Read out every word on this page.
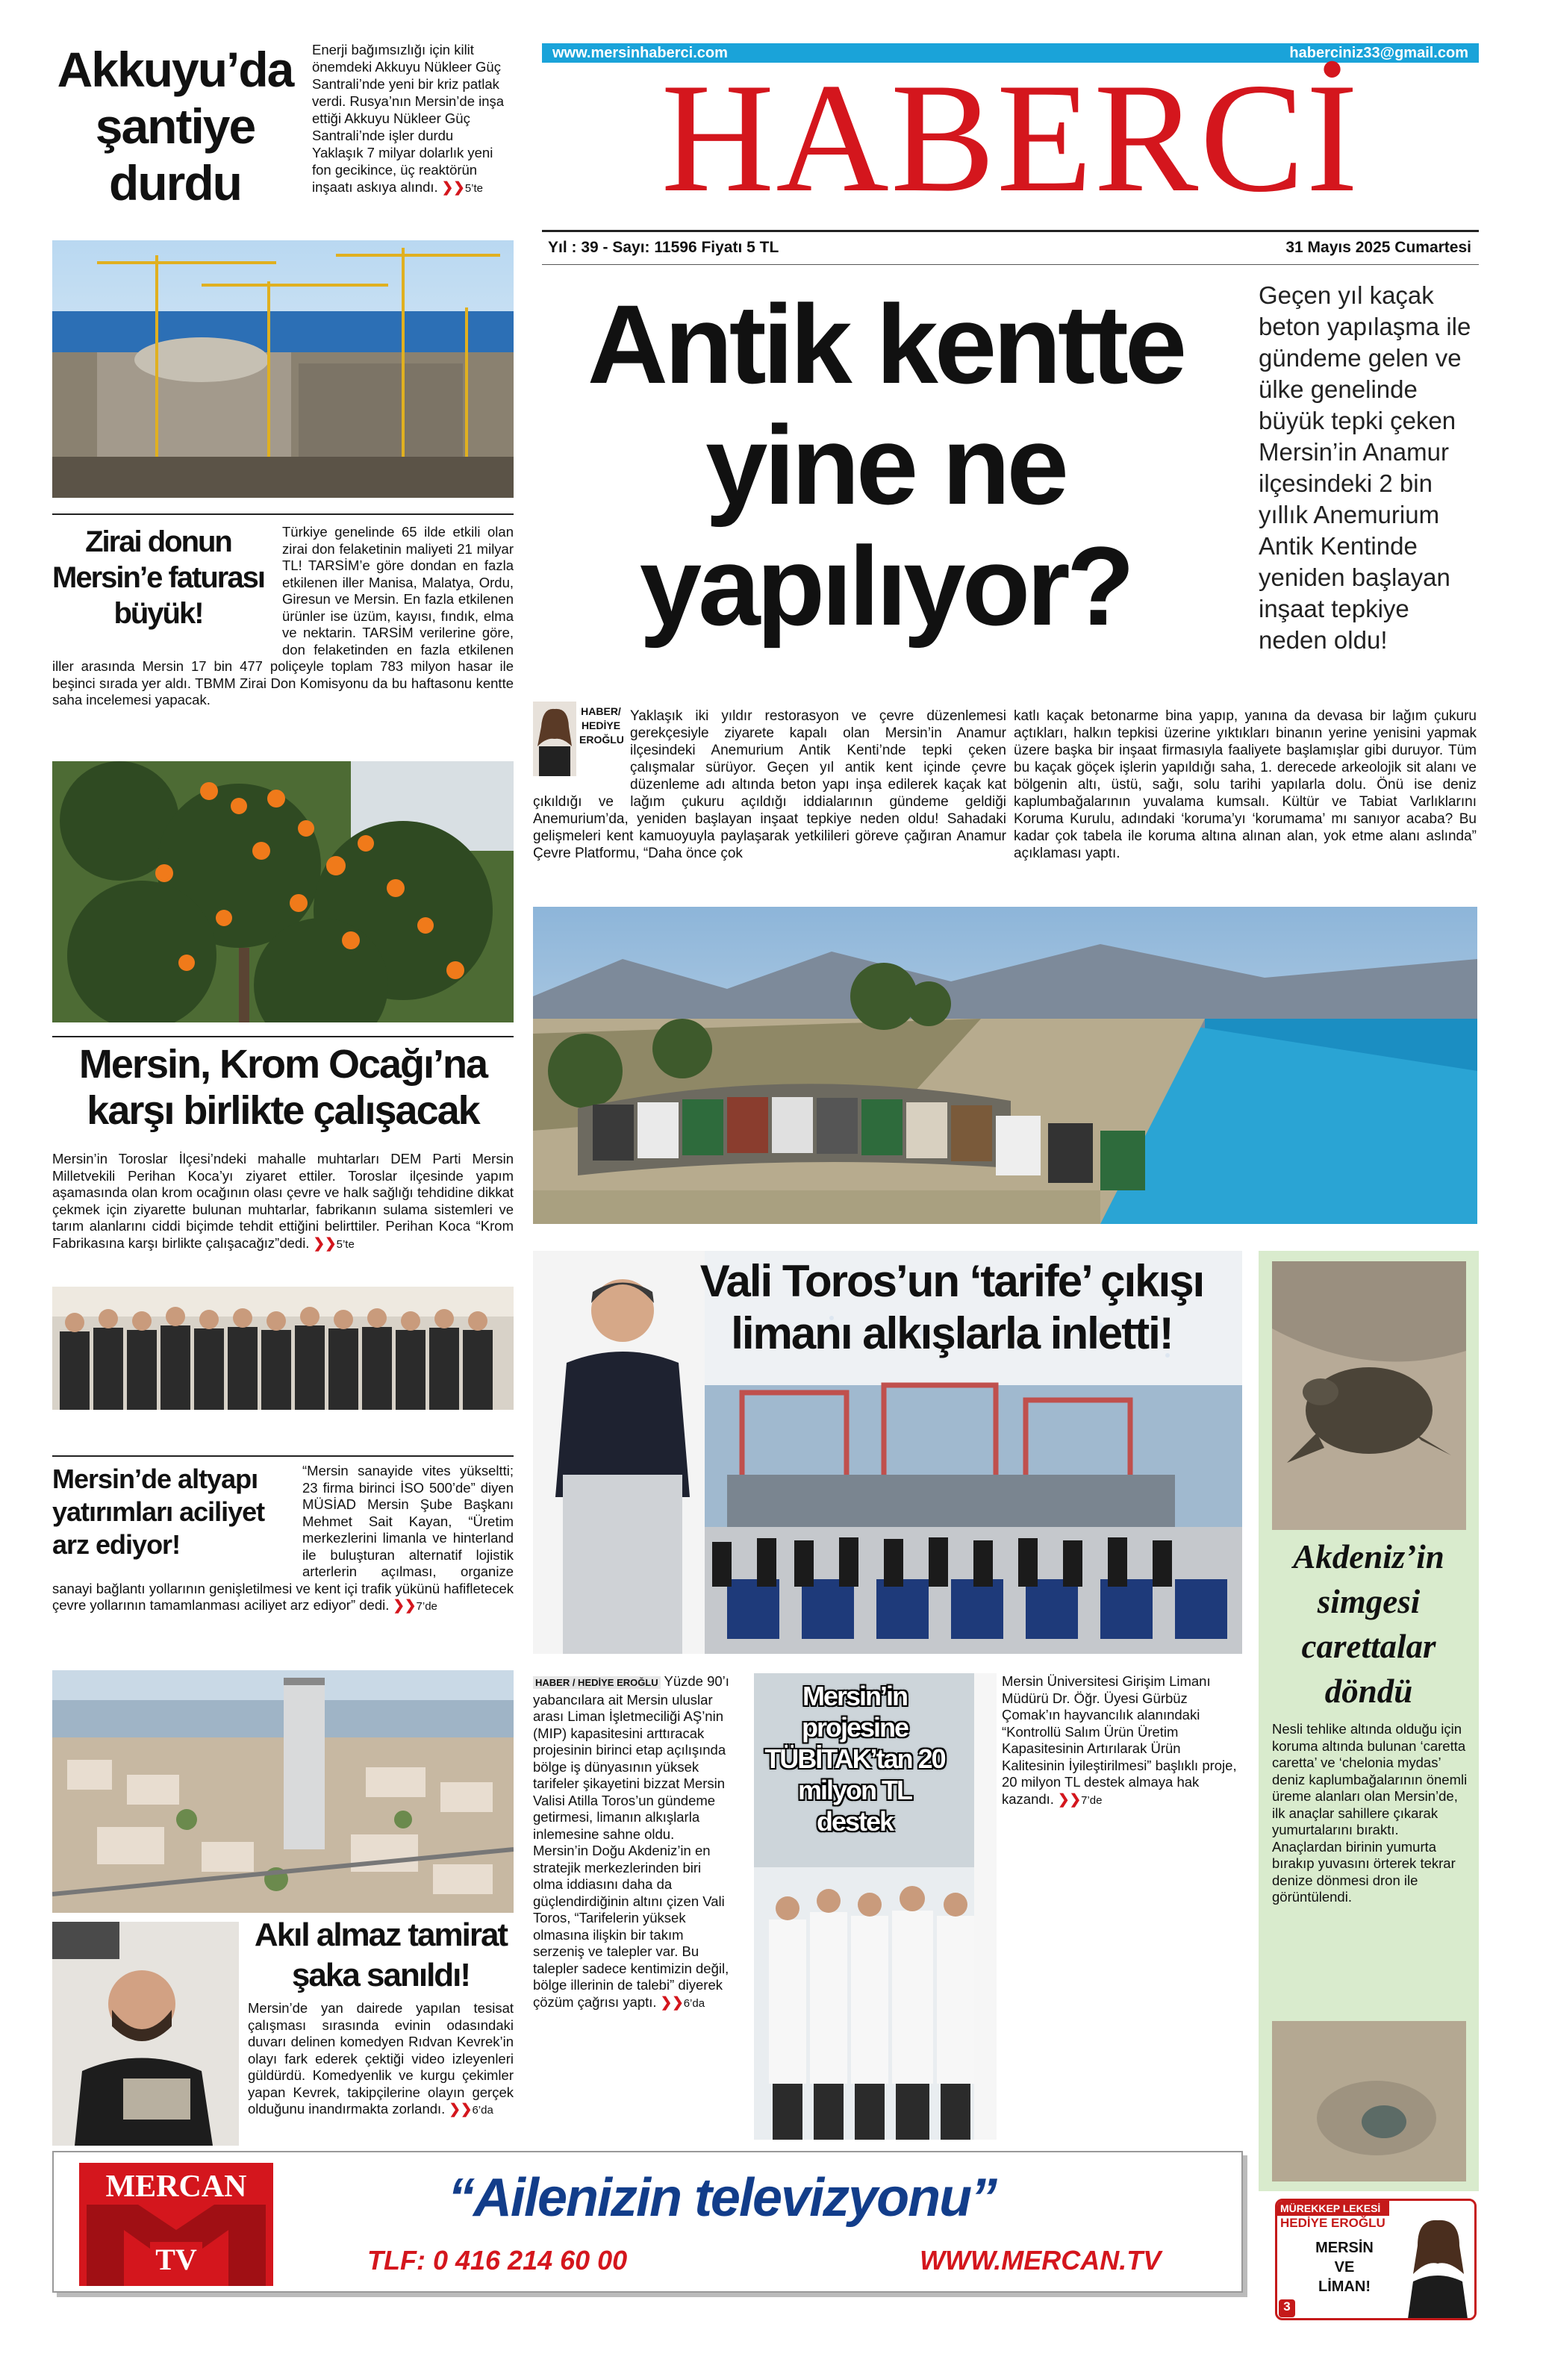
www.mersinhaberci.com	haberciniz33@gmail.com
HABERCİ
Yıl : 39 - Sayı: 11596 Fiyatı 5 TL	31 Mayıs 2025 Cumartesi
Akkuyu’da şantiye durdu
Enerji bağımsızlığı için kilit önemdeki Akkuyu Nükleer Güç Santrali’nde yeni bir kriz patlak verdi. Rusya’nın Mersin’de inşa ettiği Akkuyu Nükleer Güç Santrali’nde işler durdu Yaklaşık 7 milyar dolarlık yeni fon gecikince, üç reaktörün inşaatı askıya alındı. ❯❯5’te
Zirai donun Mersin’e faturası büyük!
Türkiye genelinde 65 ilde etkili olan zirai don felaketinin maliyeti 21 milyar TL! TARSİM’e göre dondan en fazla etkilenen iller Manisa, Malatya, Ordu, Giresun ve Mersin. En fazla etkilenen ürünler ise üzüm, kayısı, fındık, elma ve nektarin. TARSİM verilerine göre, don felaketinden en fazla etkilenen iller arasında Mersin 17 bin 477 poliçeyle toplam 783 milyon hasar ile beşinci sırada yer aldı. TBMM Zirai Don Komisyonu da bu haftasonu kentte saha incelemesi yapacak.
Antik kentte yine ne yapılıyor?
Geçen yıl kaçak beton yapılaşma ile gündeme gelen ve ülke genelinde büyük tepki çeken Mersin’in Anamur ilçesindeki 2 bin yıllık Anemurium Antik Kentinde yeniden başlayan inşaat tepkiye neden oldu!
HABER/ HEDİYE EROĞLU
Yaklaşık iki yıldır restorasyon ve çevre düzenlemesi gerekçesiyle ziyarete kapalı olan Mersin’in Anamur ilçesindeki Anemurium Antik Kenti’nde tepki çeken çalışmalar sürüyor. Geçen yıl antik kent içinde çevre düzenleme adı altında beton yapı inşa edilerek kaçak kat çıkıldığı ve lağım çukuru açıldığı iddialarının gündeme geldiği Anemurium’da, yeniden başlayan inşaat tepkiye neden oldu! Sahadaki gelişmeleri kent kamuoyuyla paylaşarak yetkilileri göreve çağıran Anamur Çevre Platformu, “Daha önce çok
katlı kaçak betonarme bina yapıp, yanına da devasa bir lağım çukuru açtıkları, halkın tepkisi üzerine yıktıkları binanın yerine yenisini yapmak üzere başka bir inşaat firmasıyla faaliyete başlamışlar gibi duruyor. Tüm bu kaçak göçek işlerin yapıldığı saha, 1. derecede arkeolojik sit alanı ve bölgenin altı, üstü, sağı, solu tarihi yapılarla dolu. Önü ise deniz kaplumbağalarının yuvalama kumsalı. Kültür ve Tabiat Varlıklarını Koruma Kurulu, adındaki ‘koruma’yı ‘korumama’ mı sanıyor acaba? Bu kadar çok tabela ile koruma altına alınan alan, yok etme alanı aslında” açıklaması yaptı.
Mersin, Krom Ocağı’na karşı birlikte çalışacak
Mersin’in Toroslar İlçesi’ndeki mahalle muhtarları DEM Parti Mersin Milletvekili Perihan Koca’yı ziyaret ettiler. Toroslar ilçesinde yapım aşamasında olan krom ocağının olası çevre ve halk sağlığı tehdidine dikkat çekmek için ziyarette bulunan muhtarlar, fabrikanın sulama sistemleri ve tarım alanlarını ciddi biçimde tehdit ettiğini belirttiler. Perihan Koca “Krom Fabrikasına karşı birlikte çalışacağız”dedi. ❯❯5’te
Mersin’de altyapı yatırımları aciliyet arz ediyor!
“Mersin sanayide vites yükseltti; 23 firma birinci İSO 500’de” diyen MÜSİAD Mersin Şube Başkanı Mehmet Sait Kayan, “Üretim merkezlerini limanla ve hinterland ile buluşturan alternatif lojistik arterlerin açılması, organize sanayi bağlantı yollarının genişletilmesi ve kent içi trafik yükünü hafifletecek çevre yollarının tamamlanması aciliyet arz ediyor” dedi. ❯❯7’de
Akıl almaz tamirat şaka sanıldı!
Mersin’de yan dairede yapılan tesisat çalışması sırasında evinin odasındaki duvarı delinen komedyen Rıdvan Kevrek’in olayı fark ederek çektiği video izleyenleri güldürdü. Komedyenlik ve kurgu çekimler yapan Kevrek, takipçilerine olayın gerçek olduğunu inandırmakta zorlandı. ❯❯6’da
Vali Toros’un ‘tarife’ çıkışı limanı alkışlarla inletti!
HABER / HEDİYE EROĞLU Yüzde 90’ı yabancılara ait Mersin uluslar arası Liman İşletmeciliği AŞ’nin (MIP) kapasitesini arttıracak projesinin birinci etap açılışında bölge iş dünyasının yüksek tarifeler şikayetini bizzat Mersin Valisi Atilla Toros’un gündeme getirmesi, limanın alkışlarla inlemesine sahne oldu. Mersin’in Doğu Akdeniz’in en stratejik merkezlerinden biri olma iddiasını daha da güçlendirdiğinin altını çizen Vali Toros, “Tarifelerin yüksek olmasına ilişkin bir takım serzeniş ve talepler var. Bu talepler sadece kentimizin değil, bölge illerinin de talebi” diyerek çözüm çağrısı yaptı. ❯❯6’da
Mersin’in projesine TÜBİTAK’tan 20 milyon TL destek
Mersin Üniversitesi Girişim Limanı Müdürü Dr. Öğr. Üyesi Gürbüz Çomak’ın hayvancılık alanındaki “Kontrollü Salım Ürün Üretim Kapasitesinin Artırılarak Ürün Kalitesinin İyileştirilmesi” başlıklı proje, 20 milyon TL destek almaya hak kazandı. ❯❯7’de
Akdeniz’in simgesi carettalar döndü
Nesli tehlike altında olduğu için koruma altında bulunan ‘caretta caretta’ ve ‘chelonia mydas’ deniz kaplumbağalarının önemli üreme alanları olan Mersin’de, ilk anaçlar sahillere çıkarak yumurtalarını bıraktı. Anaçlardan birinin yumurta bırakıp yuvasını örterek tekrar denize dönmesi dron ile görüntülendi.
MERCAN
TV
“Ailenizin televizyonu”
TLF: 0 416 214 60 00	WWW.MERCAN.TV
MÜREKKEP LEKESİ
HEDİYE EROĞLU
MERSİN VE LİMAN!
3
